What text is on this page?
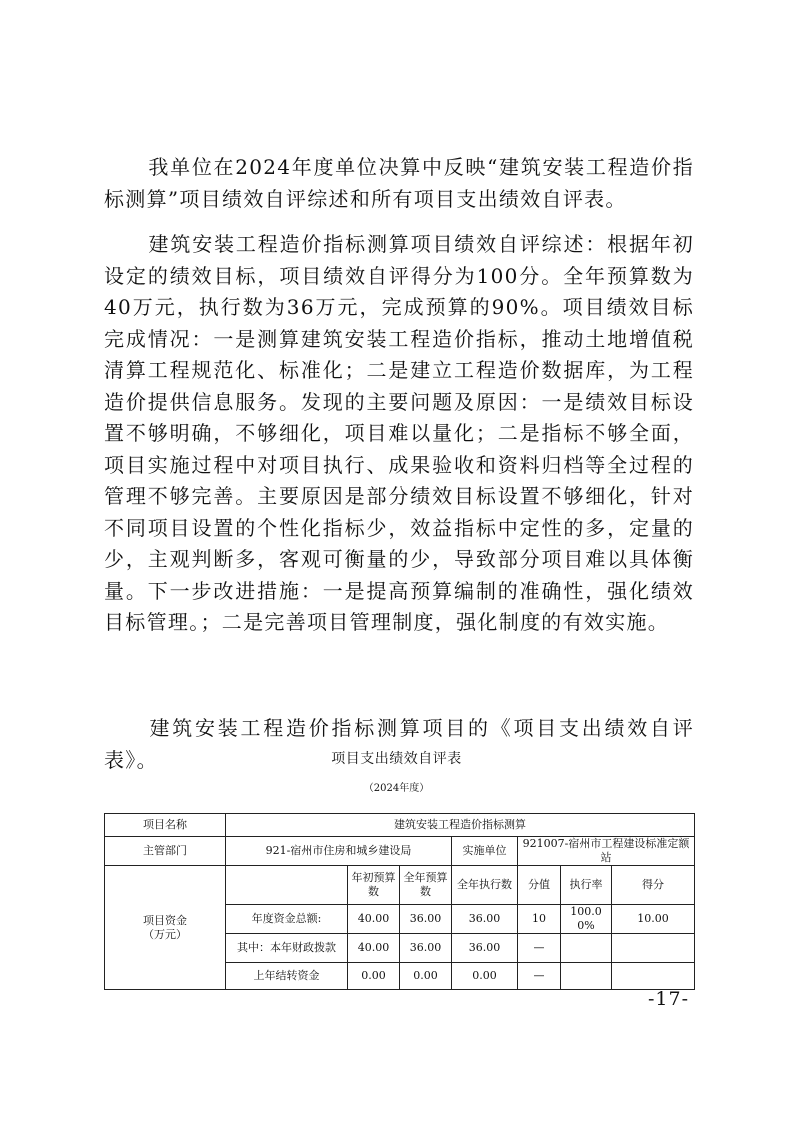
我单位在2024年度单位决算中反映“建筑安装工程造价指标测算”项目绩效自评综述和所有项目支出绩效自评表。

建筑安装工程造价指标测算项目绩效自评综述：根据年初设定的绩效目标，项目绩效自评得分为100分。全年预算数为40万元，执行数为36万元，完成预算的90%。项目绩效目标完成情况：一是测算建筑安装工程造价指标，推动土地增值税清算工程规范化、标准化；二是建立工程造价数据库，为工程造价提供信息服务。发现的主要问题及原因：一是绩效目标设置不够明确，不够细化，项目难以量化；二是指标不够全面，项目实施过程中对项目执行、成果验收和资料归档等全过程的管理不够完善。主要原因是部分绩效目标设置不够细化，针对不同项目设置的个性化指标少，效益指标中定性的多，定量的少，主观判断多，客观可衡量的少，导致部分项目难以具体衡量。下一步改进措施：一是提高预算编制的准确性，强化绩效目标管理。；二是完善项目管理制度，强化制度的有效实施。

建筑安装工程造价指标测算项目的《项目支出绩效自评表》。	项目支出绩效自评表
（2024年度）
项目名称	建筑安装工程造价指标测算						
主管部门	921-宿州市住房和城乡建设局			实施单位	921007-宿州市工程建设标准定额站		
项目资金
（万元）		年初预算数	全年预算数	全年执行数	分值	执行率	得分
	年度资金总额:	40.00	36.00	36.00	10	100.00%	10.00
	其中：本年财政拨款	40.00	36.00	36.00	—		
	上年结转资金	0.00	0.00	0.00	—		
-17-
